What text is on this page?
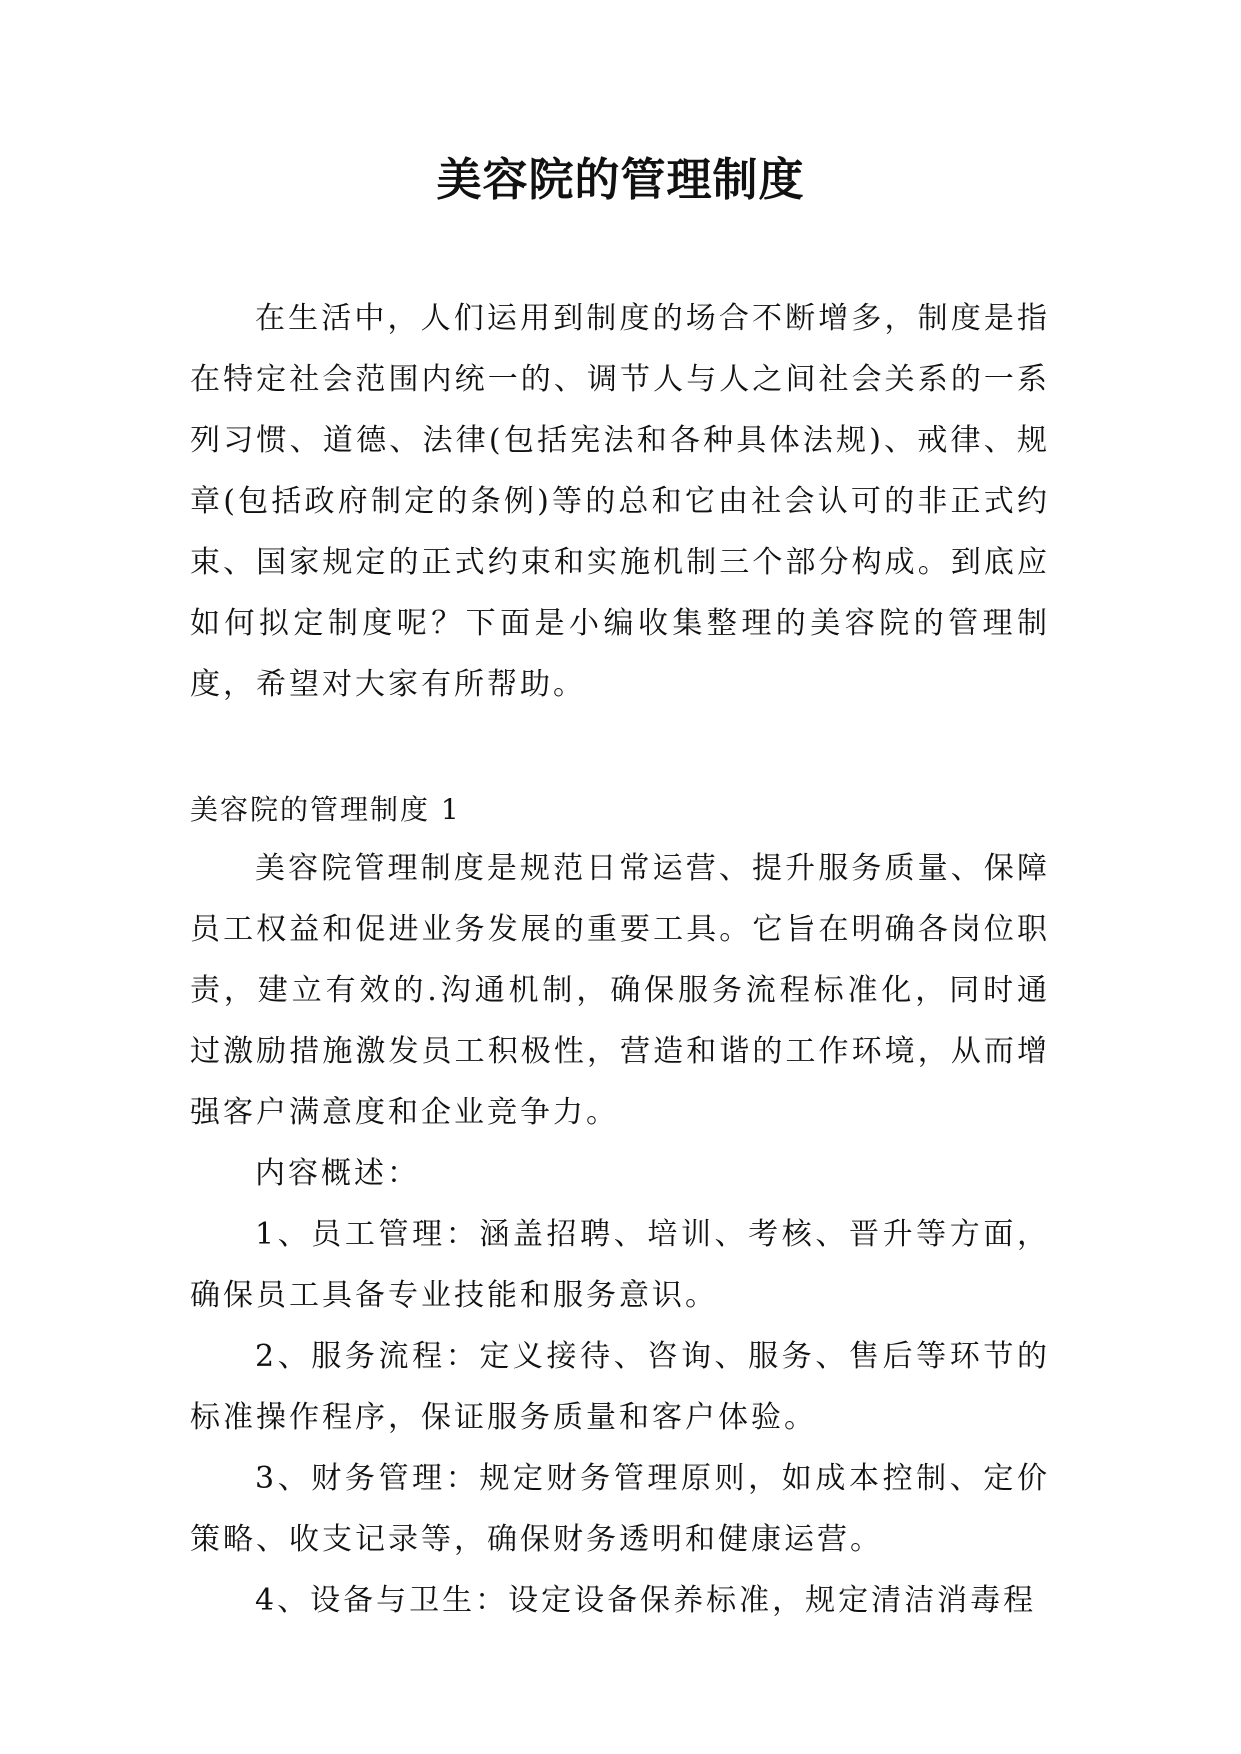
美容院的管理制度

在生活中，人们运用到制度的场合不断增多，制度是指在特定社会范围内统一的、调节人与人之间社会关系的一系列习惯、道德、法律(包括宪法和各种具体法规)、戒律、规章(包括政府制定的条例)等的总和它由社会认可的非正式约束、国家规定的正式约束和实施机制三个部分构成。到底应如何拟定制度呢？下面是小编收集整理的美容院的管理制度，希望对大家有所帮助。

美容院的管理制度 1

美容院管理制度是规范日常运营、提升服务质量、保障员工权益和促进业务发展的重要工具。它旨在明确各岗位职责，建立有效的.沟通机制，确保服务流程标准化，同时通过激励措施激发员工积极性，营造和谐的工作环境，从而增强客户满意度和企业竞争力。

内容概述：

1、员工管理：涵盖招聘、培训、考核、晋升等方面，确保员工具备专业技能和服务意识。

2、服务流程：定义接待、咨询、服务、售后等环节的标准操作程序，保证服务质量和客户体验。

3、财务管理：规定财务管理原则，如成本控制、定价策略、收支记录等，确保财务透明和健康运营。

4、设备与卫生：设定设备保养标准，规定清洁消毒程
